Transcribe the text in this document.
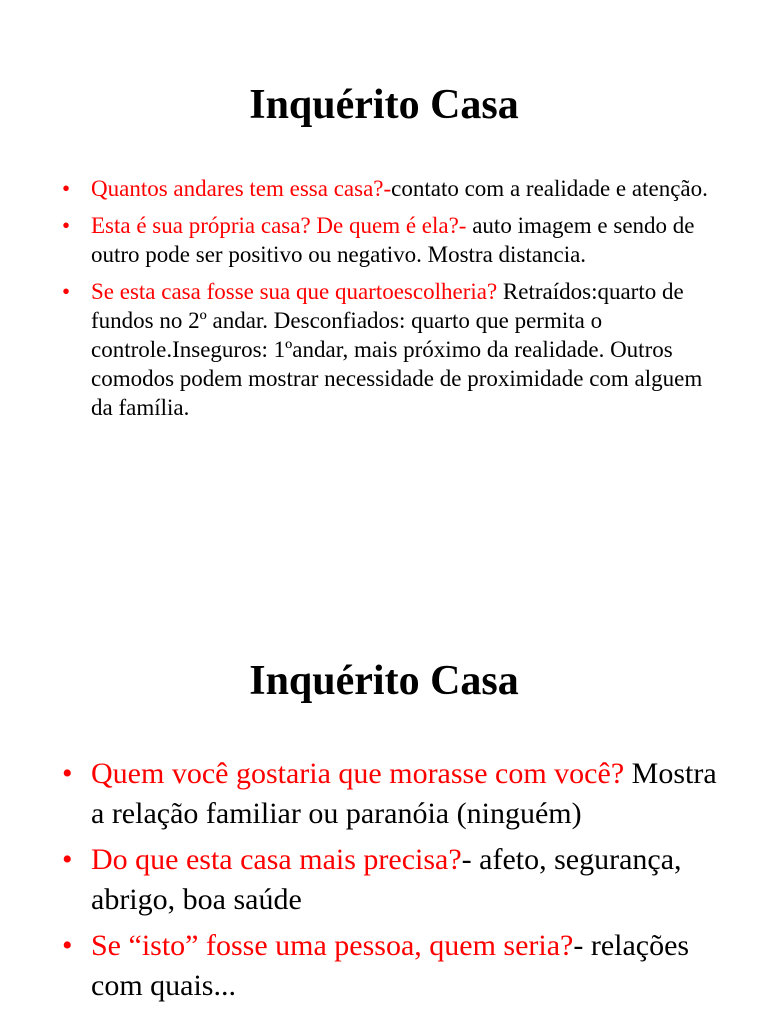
Inquérito Casa
• Quantos andares tem essa casa?-contato com a realidade e atenção.
• Esta é sua própria casa? De quem é ela?- auto imagem e sendo de outro pode ser positivo ou negativo. Mostra distancia.
• Se esta casa fosse sua que quartoescolheria? Retraídos:quarto de fundos no 2º andar. Desconfiados: quarto que permita o controle.Inseguros: 1ºandar, mais próximo da realidade. Outros comodos podem mostrar necessidade de proximidade com alguem da família.
Inquérito Casa
• Quem você gostaria que morasse com você? Mostra a relação familiar ou paranóia (ninguém)
• Do que esta casa mais precisa?- afeto, segurança, abrigo, boa saúde
• Se “isto” fosse uma pessoa, quem seria?- relações com quais...
